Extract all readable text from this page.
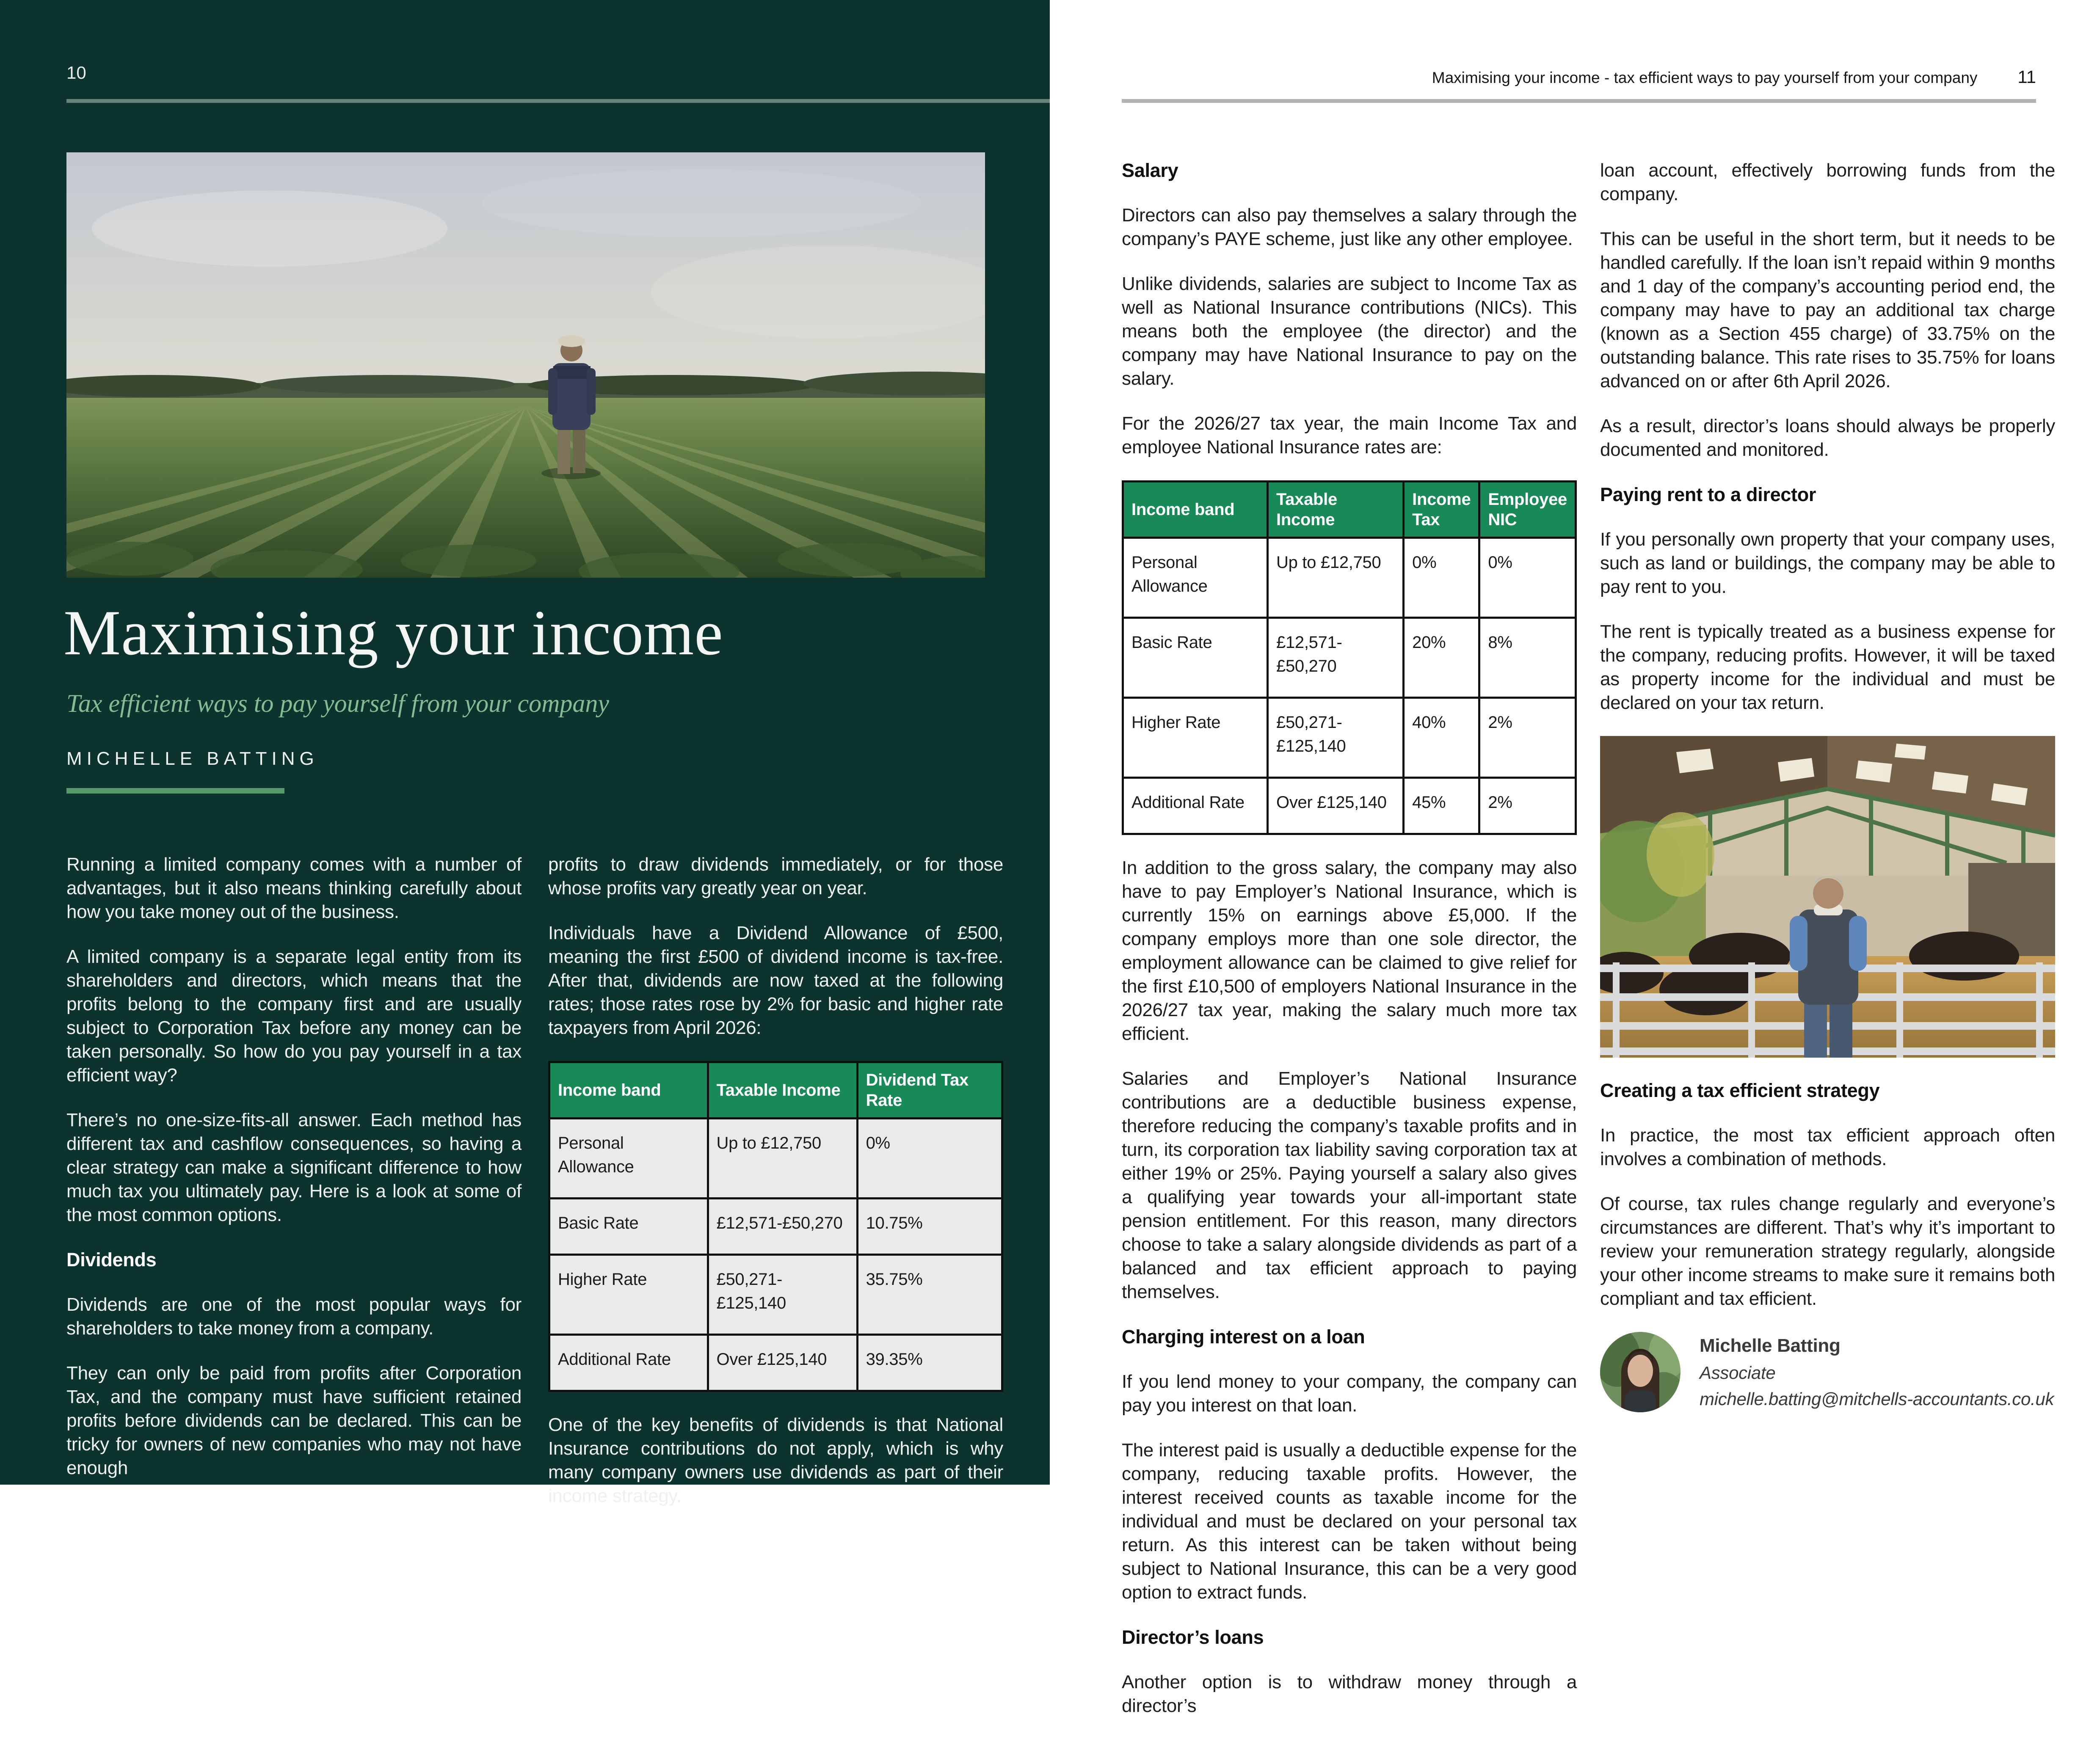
10
Maximising your income
Tax efficient ways to pay yourself from your company
MICHELLE BATTING

Running a limited company comes with a number of advantages, but it also means thinking carefully about how you take money out of the business.

A limited company is a separate legal entity from its shareholders and directors, which means that the profits belong to the company first and are usually subject to Corporation Tax before any money can be taken personally. So how do you pay yourself in a tax efficient way?

There’s no one-size-fits-all answer. Each method has different tax and cashflow consequences, so having a clear strategy can make a significant difference to how much tax you ultimately pay. Here is a look at some of the most common options.

Dividends

Dividends are one of the most popular ways for shareholders to take money from a company.

They can only be paid from profits after Corporation Tax, and the company must have sufficient retained profits before dividends can be declared. This can be tricky for owners of new companies who may not have enough

profits to draw dividends immediately, or for those whose profits vary greatly year on year.

Individuals have a Dividend Allowance of £500, meaning the first £500 of dividend income is tax-free. After that, dividends are now taxed at the following rates; those rates rose by 2% for basic and higher rate taxpayers from April 2026:

Income band	Taxable Income	Dividend Tax Rate
Personal Allowance	Up to £12,750	0%
Basic Rate	£12,571-£50,270	10.75%
Higher Rate	£50,271-£125,140	35.75%
Additional Rate	Over £125,140	39.35%

One of the key benefits of dividends is that National Insurance contributions do not apply, which is why many company owners use dividends as part of their income strategy.

Maximising your income - tax efficient ways to pay yourself from your company 11
Salary

Directors can also pay themselves a salary through the company’s PAYE scheme, just like any other employee.

Unlike dividends, salaries are subject to Income Tax as well as National Insurance contributions (NICs). This means both the employee (the director) and the company may have National Insurance to pay on the salary.

For the 2026/27 tax year, the main Income Tax and employee National Insurance rates are:

Income band	Taxable Income	Income Tax	Employee NIC
Personal Allowance	Up to £12,750	0%	0%
Basic Rate	£12,571-£50,270	20%	8%
Higher Rate	£50,271-£125,140	40%	2%
Additional Rate	Over £125,140	45%	2%

In addition to the gross salary, the company may also have to pay Employer’s National Insurance, which is currently 15% on earnings above £5,000. If the company employs more than one sole director, the employment allowance can be claimed to give relief for the first £10,500 of employers National Insurance in the 2026/27 tax year, making the salary much more tax efficient.

Salaries and Employer’s National Insurance contributions are a deductible business expense, therefore reducing the company’s taxable profits and in turn, its corporation tax liability saving corporation tax at either 19% or 25%. Paying yourself a salary also gives a qualifying year towards your all-important state pension entitlement. For this reason, many directors choose to take a salary alongside dividends as part of a balanced and tax efficient approach to paying themselves.

Charging interest on a loan

If you lend money to your company, the company can pay you interest on that loan.

The interest paid is usually a deductible expense for the company, reducing taxable profits. However, the interest received counts as taxable income for the individual and must be declared on your personal tax return. As this interest can be taken without being subject to National Insurance, this can be a very good option to extract funds.

Director’s loans

Another option is to withdraw money through a director’s

loan account, effectively borrowing funds from the company.

This can be useful in the short term, but it needs to be handled carefully. If the loan isn’t repaid within 9 months and 1 day of the company’s accounting period end, the company may have to pay an additional tax charge (known as a Section 455 charge) of 33.75% on the outstanding balance. This rate rises to 35.75% for loans advanced on or after 6th April 2026.

As a result, director’s loans should always be properly documented and monitored.

Paying rent to a director

If you personally own property that your company uses, such as land or buildings, the company may be able to pay rent to you.

The rent is typically treated as a business expense for the company, reducing profits. However, it will be taxed as property income for the individual and must be declared on your tax return.

Creating a tax efficient strategy

In practice, the most tax efficient approach often involves a combination of methods.

Of course, tax rules change regularly and everyone’s circumstances are different. That’s why it’s important to review your remuneration strategy regularly, alongside your other income streams to make sure it remains both compliant and tax efficient.

Michelle Batting
Associate
michelle.batting@mitchells-accountants.co.uk
